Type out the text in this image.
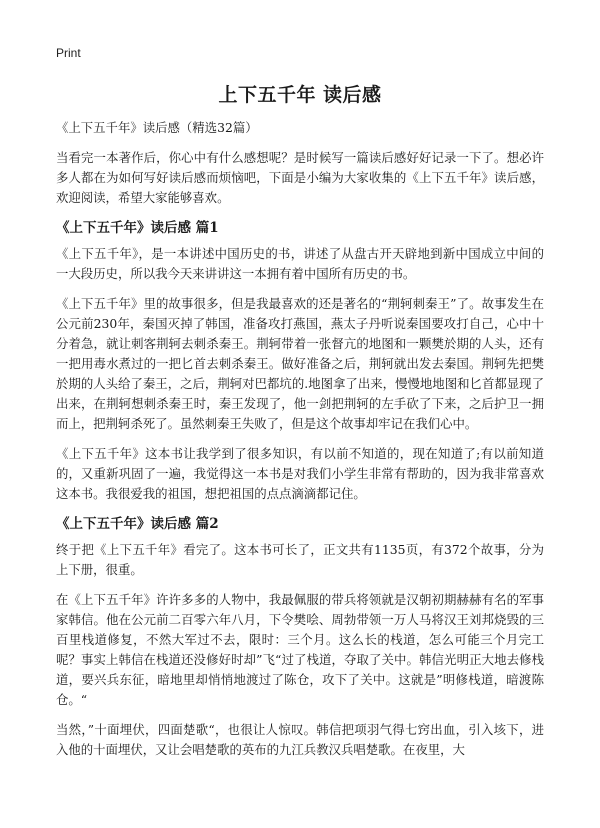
Print
上下五千年 读后感

《上下五千年》读后感（精选32篇）

当看完一本著作后，你心中有什么感想呢？是时候写一篇读后感好好记录一下了。想必许多人都在为如何写好读后感而烦恼吧，下面是小编为大家收集的《上下五千年》读后感，欢迎阅读，希望大家能够喜欢。

《上下五千年》读后感 篇1

《上下五千年》，是一本讲述中国历史的书，讲述了从盘古开天辟地到新中国成立中间的一大段历史，所以我今天来讲讲这一本拥有着中国所有历史的书。

《上下五千年》里的故事很多，但是我最喜欢的还是著名的“荆轲刺秦王”了。故事发生在公元前230年，秦国灭掉了韩国，准备攻打燕国，燕太子丹听说秦国要攻打自己，心中十分着急，就让刺客荆轲去刺杀秦王。荆轲带着一张督亢的地图和一颗樊於期的人头，还有一把用毒水煮过的一把匕首去刺杀秦王。做好准备之后，荆轲就出发去秦国。荆轲先把樊於期的人头给了秦王，之后，荆轲对巴都坑的.地图拿了出来，慢慢地地图和匕首都显现了出来，在荆轲想刺杀秦王时，秦王发现了，他一剑把荆轲的左手砍了下来，之后护卫一拥而上，把荆轲杀死了。虽然刺秦王失败了，但是这个故事却牢记在我们心中。

《上下五千年》这本书让我学到了很多知识，有以前不知道的，现在知道了;有以前知道的，又重新巩固了一遍，我觉得这一本书是对我们小学生非常有帮助的，因为我非常喜欢这本书。我很爱我的祖国，想把祖国的点点滴滴都记住。

《上下五千年》读后感 篇2

终于把《上下五千年》看完了。这本书可长了，正文共有1135页，有372个故事，分为上下册，很重。

在《上下五千年》许许多多的人物中，我最佩服的带兵将领就是汉朝初期赫赫有名的军事家韩信。他在公元前二百零六年八月，下令樊哙、周勃带领一万人马将汉王刘邦烧毁的三百里栈道修复，不然大军过不去，限时：三个月。这么长的栈道，怎么可能三个月完工呢？事实上韩信在栈道还没修好时却”飞“过了栈道，夺取了关中。韩信光明正大地去修栈道，要兴兵东征，暗地里却悄悄地渡过了陈仓，攻下了关中。这就是”明修栈道，暗渡陈仓。“

当然，”十面埋伏，四面楚歌“，也很让人惊叹。韩信把项羽气得七窍出血，引入垓下，进入他的十面埋伏，又让会唱楚歌的英布的九江兵教汉兵唱楚歌。在夜里，大
